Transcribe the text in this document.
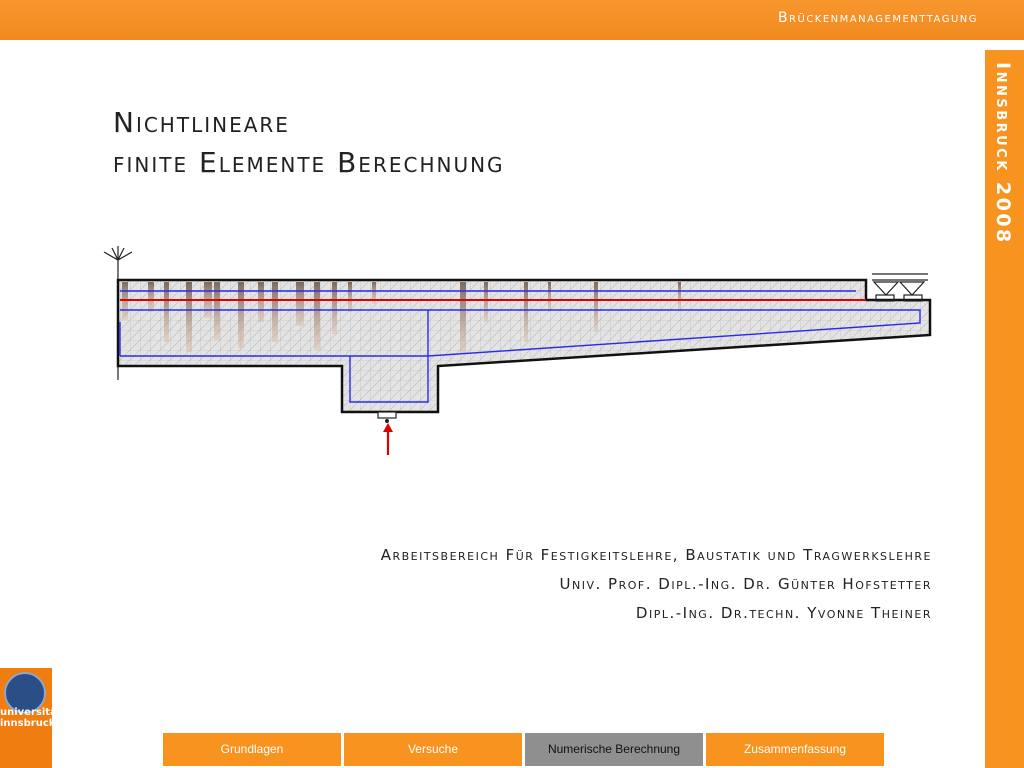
Brückenmanagementtagung
Innsbruck 2008
Nichtlineare
finite Elemente Berechnung
Arbeitsbereich Für Festigkeitslehre, Baustatik und Tragwerkslehre
Univ. Prof. Dipl.-Ing. Dr. Günter Hofstetter
Dipl.-Ing. Dr.techn. Yvonne Theiner
universität
innsbruck
Grundlagen	Versuche	Numerische Berechnung	Zusammenfassung
